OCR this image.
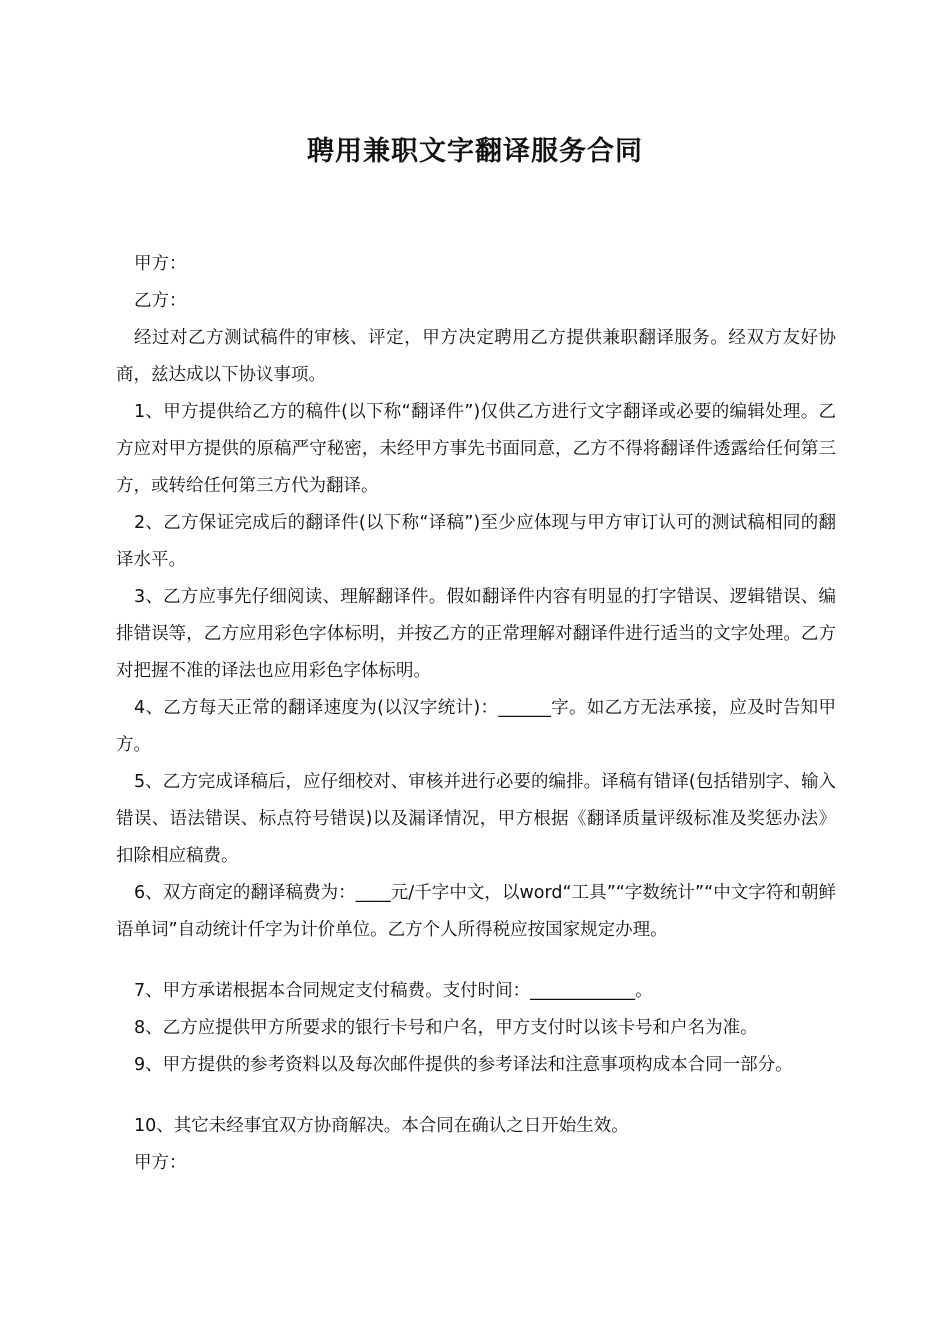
聘用兼职文字翻译服务合同

甲方：

乙方：

经过对乙方测试稿件的审核、评定，甲方决定聘用乙方提供兼职翻译服务。经双方友好协商，兹达成以下协议事项。

1、甲方提供给乙方的稿件(以下称“翻译件”)仅供乙方进行文字翻译或必要的编辑处理。乙方应对甲方提供的原稿严守秘密，未经甲方事先书面同意，乙方不得将翻译件透露给任何第三方，或转给任何第三方代为翻译。

2、乙方保证完成后的翻译件(以下称“译稿”)至少应体现与甲方审订认可的测试稿相同的翻译水平。

3、乙方应事先仔细阅读、理解翻译件。假如翻译件内容有明显的打字错误、逻辑错误、编排错误等，乙方应用彩色字体标明，并按乙方的正常理解对翻译件进行适当的文字处理。乙方对把握不准的译法也应用彩色字体标明。

4、乙方每天正常的翻译速度为(以汉字统计)：______字。如乙方无法承接，应及时告知甲方。

5、乙方完成译稿后，应仔细校对、审核并进行必要的编排。译稿有错译(包括错别字、输入错误、语法错误、标点符号错误)以及漏译情况，甲方根据《翻译质量评级标准及奖惩办法》扣除相应稿费。

6、双方商定的翻译稿费为：____元/千字中文，以word“工具”“字数统计”“中文字符和朝鲜语单词”自动统计仟字为计价单位。乙方个人所得税应按国家规定办理。

7、甲方承诺根据本合同规定支付稿费。支付时间：____________。

8、乙方应提供甲方所要求的银行卡号和户名，甲方支付时以该卡号和户名为准。

9、甲方提供的参考资料以及每次邮件提供的参考译法和注意事项构成本合同一部分。

10、其它未经事宜双方协商解决。本合同在确认之日开始生效。

甲方：
